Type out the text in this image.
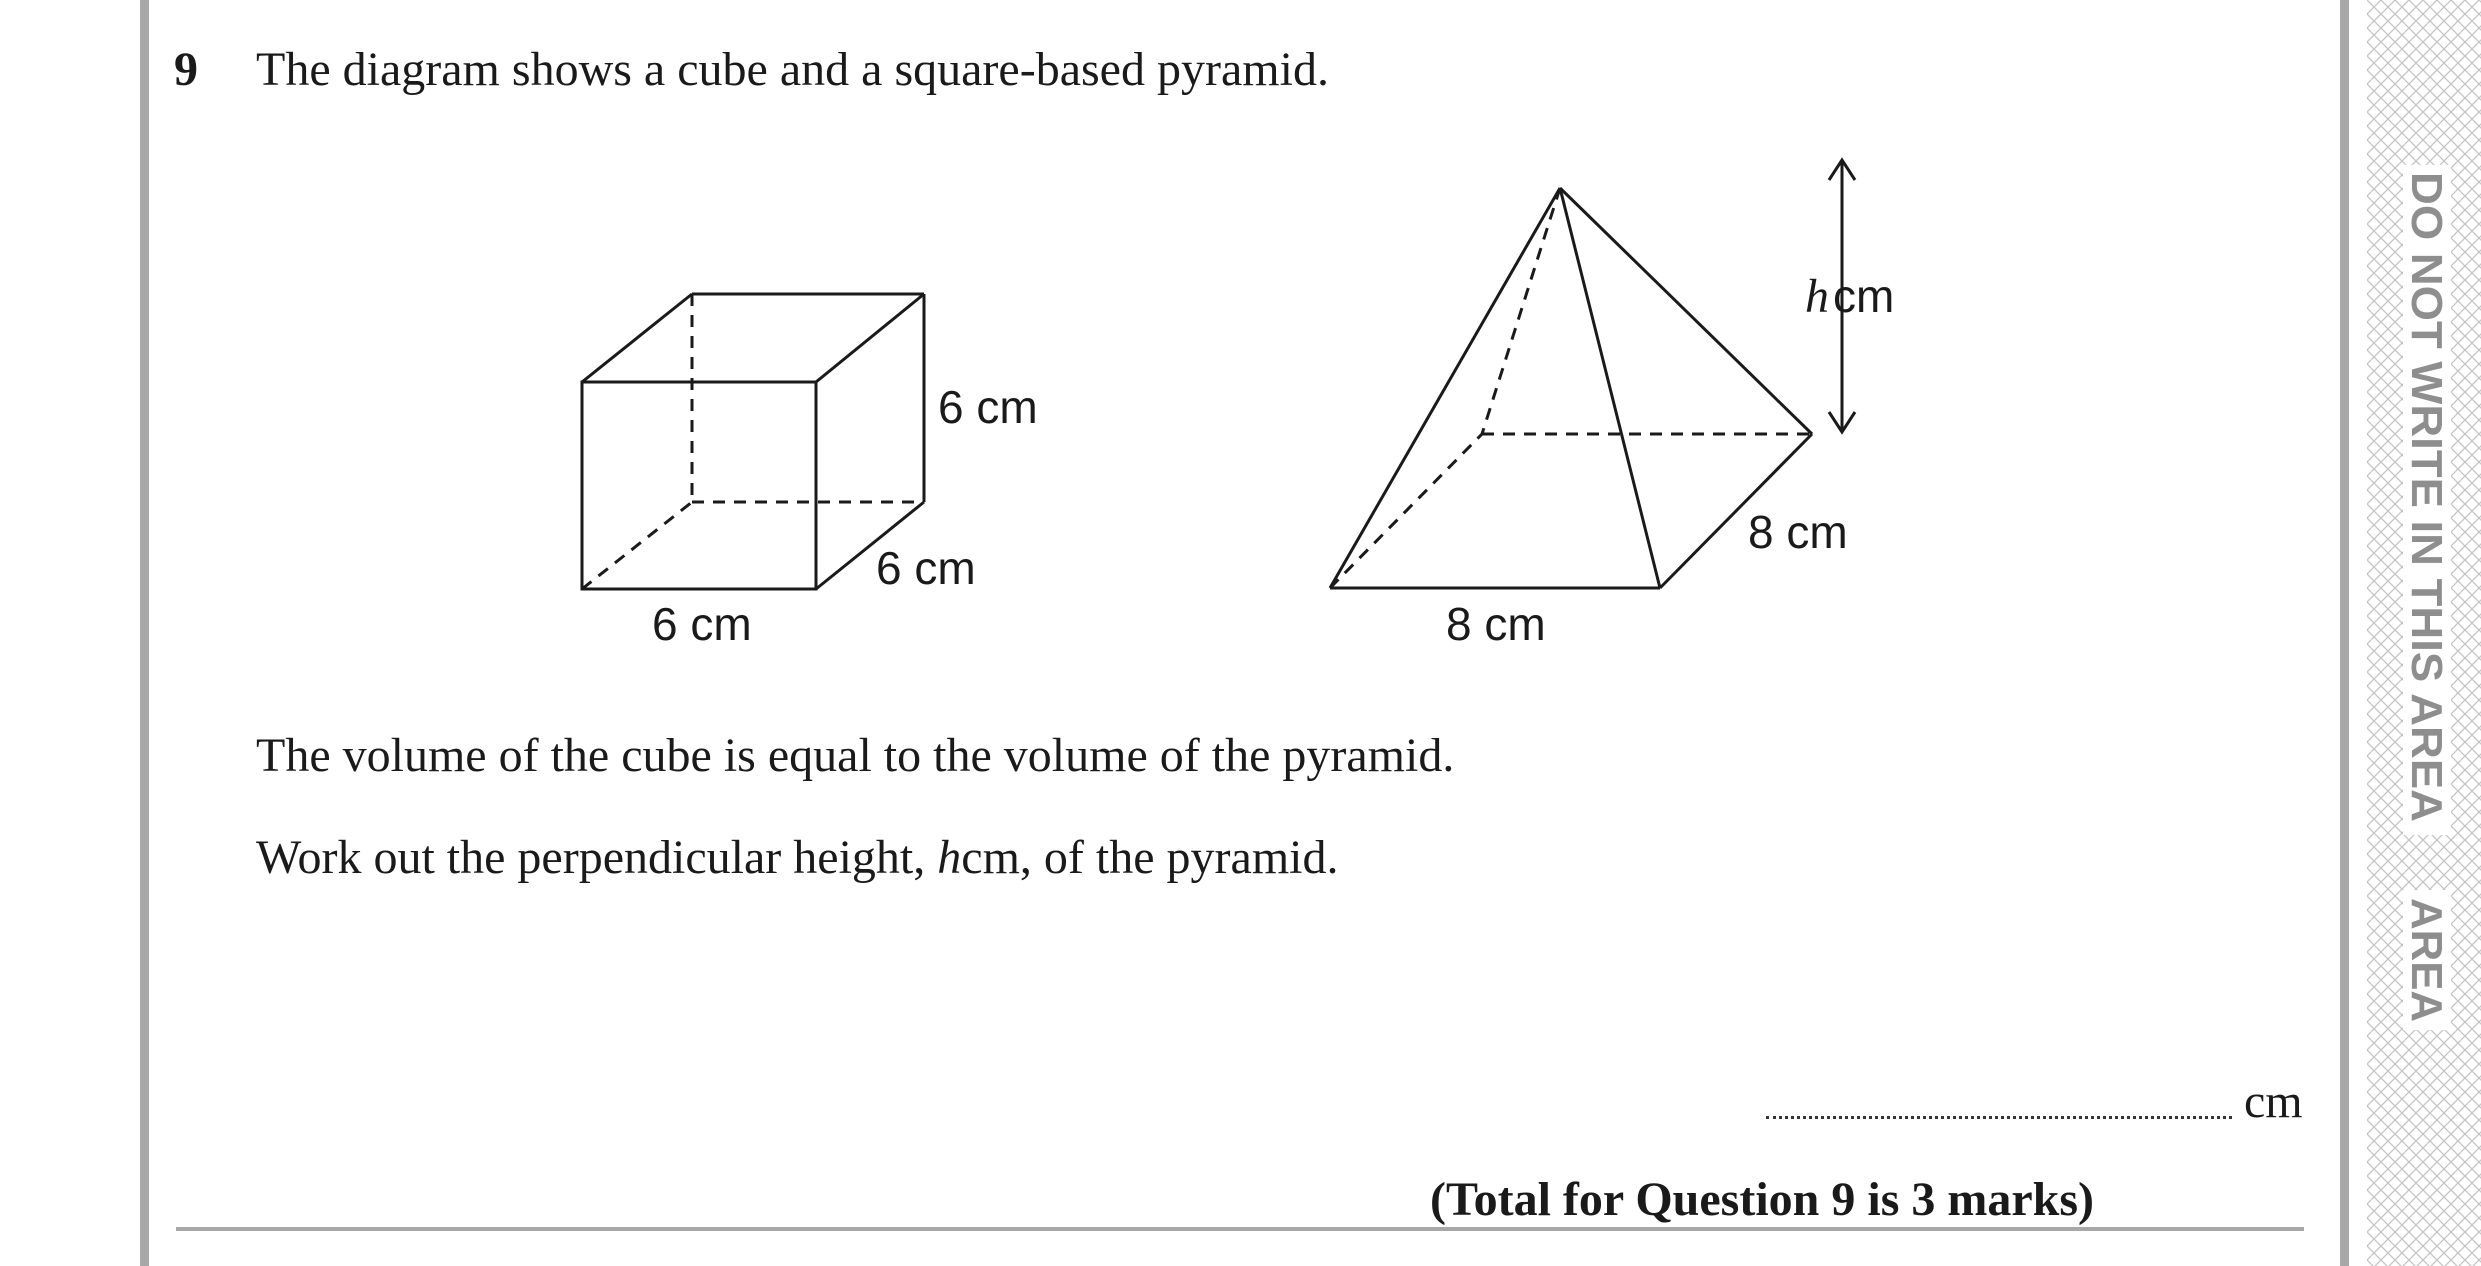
DO NOT WRITE IN THIS AREA
AREA
9 The diagram shows a cube and a square-based pyramid.
6 cm
6 cm
6 cm
hcm
8 cm
8 cm
The volume of the cube is equal to the volume of the pyramid.
Work out the perpendicular height, hcm, of the pyramid.
cm
(Total for Question 9 is 3 marks)
